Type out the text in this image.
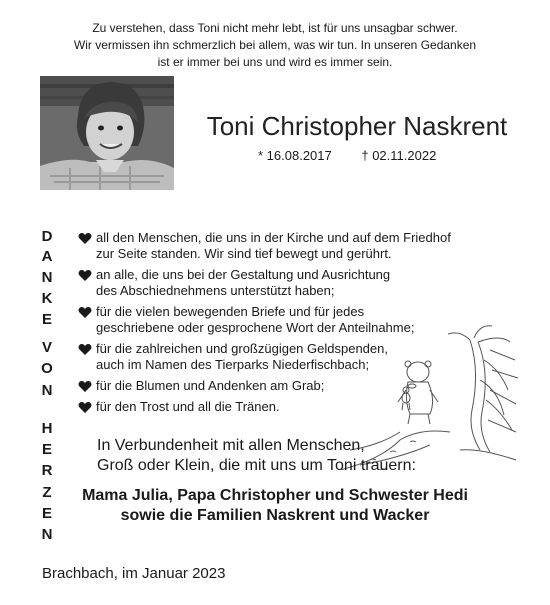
Zu verstehen, dass Toni nicht mehr lebt, ist für uns unsagbar schwer.
Wir vermissen ihn schmerzlich bei allem, was wir tun. In unseren Gedanken
ist er immer bei uns und wird es immer sein.
Toni Christopher Naskrent
* 16.08.2017 † 02.11.2022
D
A
N
K
E
V
O
N
H
E
R
Z
E
N
all den Menschen, die uns in der Kirche und auf dem Friedhof
zur Seite standen. Wir sind tief bewegt und gerührt.
an alle, die uns bei der Gestaltung und Ausrichtung
des Abschiednehmens unterstützt haben;
für die vielen bewegenden Briefe und für jedes
geschriebene oder gesprochene Wort der Anteilnahme;
für die zahlreichen und großzügigen Geldspenden,
auch im Namen des Tierparks Niederfischbach;
für die Blumen und Andenken am Grab;
für den Trost und all die Tränen.
In Verbundenheit mit allen Menschen,
Groß oder Klein, die mit uns um Toni trauern:
Mama Julia, Papa Christopher und Schwester Hedi
sowie die Familien Naskrent und Wacker
Brachbach, im Januar 2023
